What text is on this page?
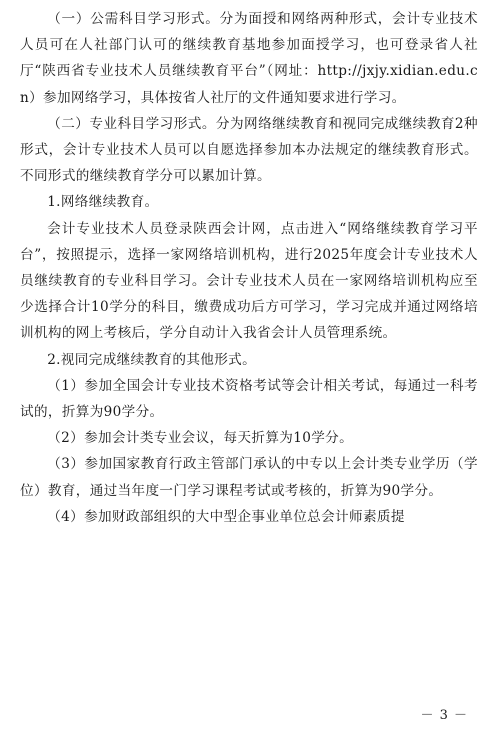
（一）公需科目学习形式。分为面授和网络两种形式，会计专业技术人员可在人社部门认可的继续教育基地参加面授学习，也可登录省人社厅“陕西省专业技术人员继续教育平台”（网址：http://jxjy.xidian.edu.cn）参加网络学习，具体按省人社厅的文件通知要求进行学习。

（二）专业科目学习形式。分为网络继续教育和视同完成继续教育2种形式，会计专业技术人员可以自愿选择参加本办法规定的继续教育形式。不同形式的继续教育学分可以累加计算。

1.网络继续教育。

会计专业技术人员登录陕西会计网，点击进入“网络继续教育学习平台”，按照提示，选择一家网络培训机构，进行2025年度会计专业技术人员继续教育的专业科目学习。会计专业技术人员在一家网络培训机构应至少选择合计10学分的科目，缴费成功后方可学习，学习完成并通过网络培训机构的网上考核后，学分自动计入我省会计人员管理系统。

2.视同完成继续教育的其他形式。

（1）参加全国会计专业技术资格考试等会计相关考试，每通过一科考试的，折算为90学分。

（2）参加会计类专业会议，每天折算为10学分。

（3）参加国家教育行政主管部门承认的中专以上会计类专业学历（学位）教育，通过当年度一门学习课程考试或考核的，折算为90学分。

（4）参加财政部组织的大中型企事业单位总会计师素质提

－ 3 －
